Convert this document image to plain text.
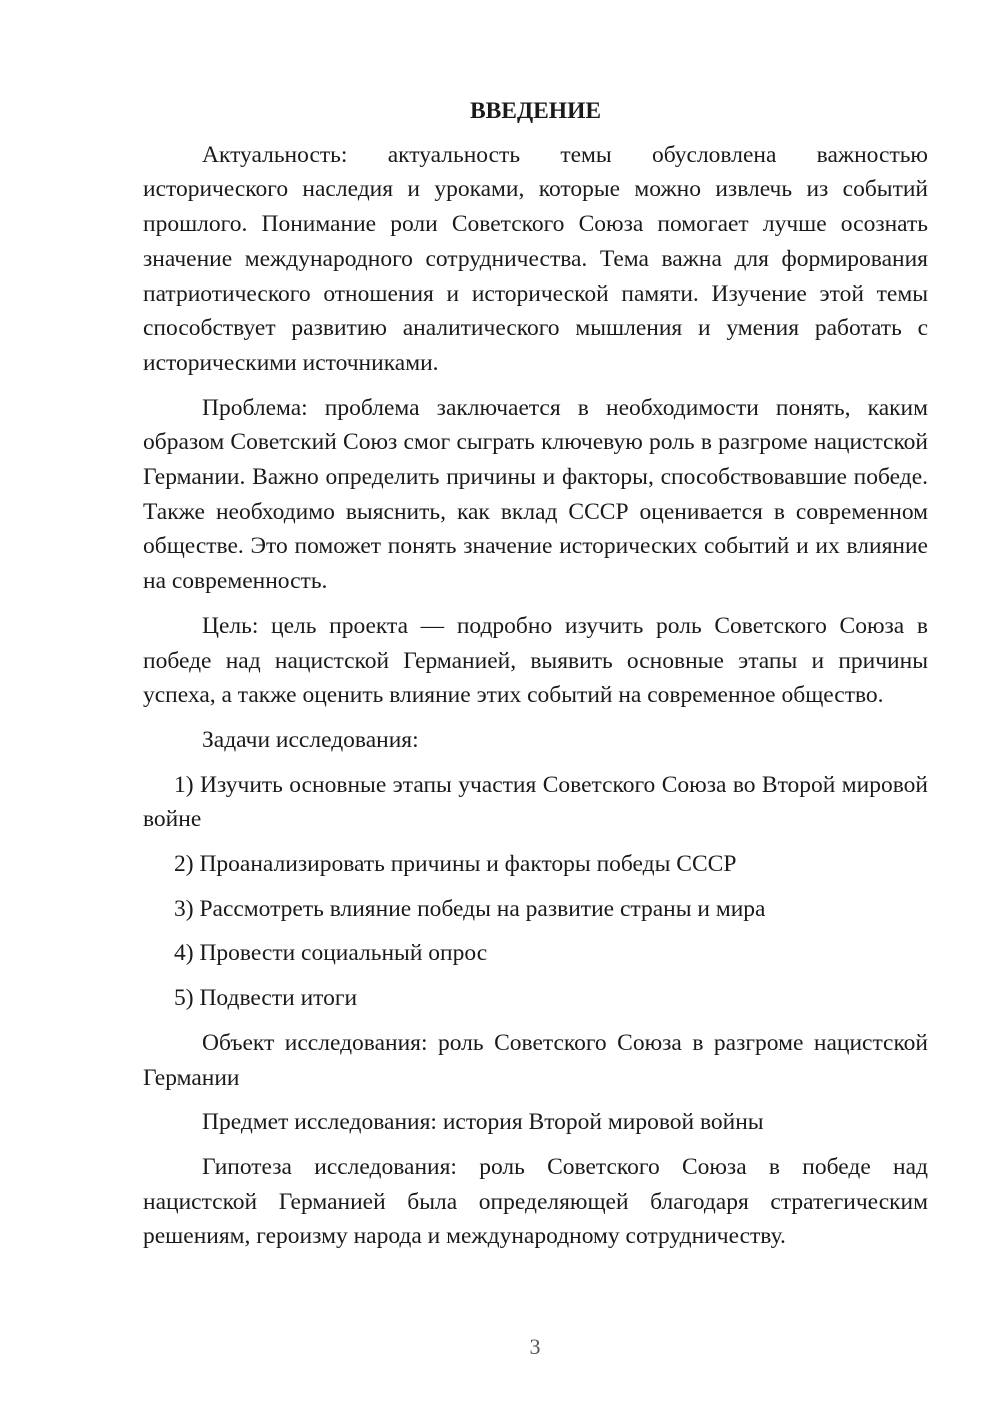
ВВЕДЕНИЕ

Актуальность: актуальность темы обусловлена важностью исторического наследия и уроками, которые можно извлечь из событий прошлого. Понимание роли Советского Союза помогает лучше осознать значение международного сотрудничества. Тема важна для формирования патриотического отношения и исторической памяти. Изучение этой темы способствует развитию аналитического мышления и умения работать с историческими источниками.

Проблема: проблема заключается в необходимости понять, каким образом Советский Союз смог сыграть ключевую роль в разгроме нацистской Германии. Важно определить причины и факторы, способствовавшие победе. Также необходимо выяснить, как вклад СССР оценивается в современном обществе. Это поможет понять значение исторических событий и их влияние на современность.

Цель: цель проекта — подробно изучить роль Советского Союза в победе над нацистской Германией, выявить основные этапы и причины успеха, а также оценить влияние этих событий на современное общество.

Задачи исследования:

1) Изучить основные этапы участия Советского Союза во Второй мировой войне

2) Проанализировать причины и факторы победы СССР

3) Рассмотреть влияние победы на развитие страны и мира

4) Провести социальный опрос

5) Подвести итоги

Объект исследования: роль Советского Союза в разгроме нацистской Германии

Предмет исследования: история Второй мировой войны

Гипотеза исследования: роль Советского Союза в победе над нацистской Германией была определяющей благодаря стратегическим решениям, героизму народа и международному сотрудничеству.

3
